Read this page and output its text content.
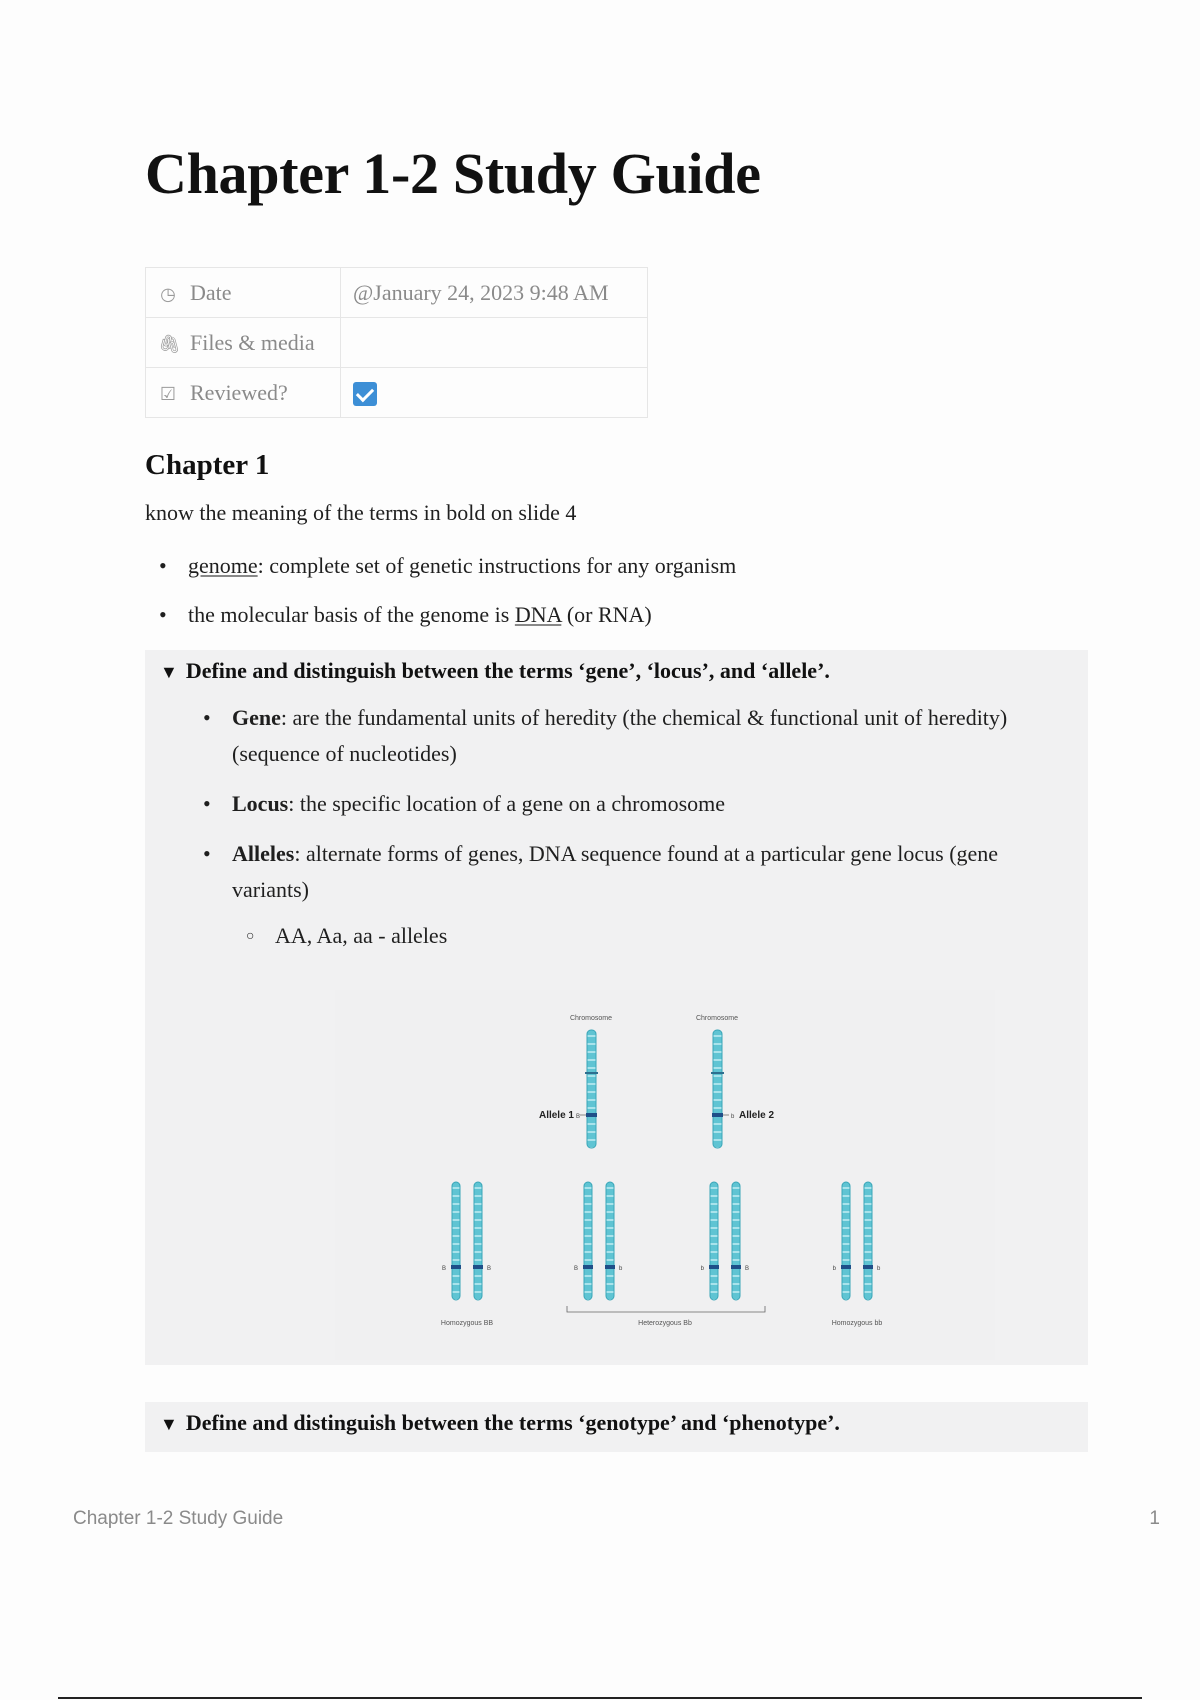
Chapter 1-2 Study Guide
◷ Date	@January 24, 2023 9:48 AM
🖇 Files & media	
☑ Reviewed?	
Chapter 1

know the meaning of the terms in bold on slide 4

• genome: complete set of genetic instructions for any organism
• the molecular basis of the genome is DNA (or RNA)
▼ Define and distinguish between the terms ‘gene’, ‘locus’, and ‘allele’.
• Gene: are the fundamental units of heredity (the chemical & functional unit of heredity) (sequence of nucleotides)
• Locus: the specific location of a gene on a chromosome
• Alleles: alternate forms of genes, DNA sequence found at a particular gene locus (gene variants)
○ AA, Aa, aa - alleles
Chromosome	Chromosome
Allele 1 B	b Allele 2
B	B	B	b	b	B	b	b
Homozygous BB	Heterozygous Bb	Homozygous bb
▼ Define and distinguish between the terms ‘genotype’ and ‘phenotype’.
Chapter 1-2 Study Guide	1
